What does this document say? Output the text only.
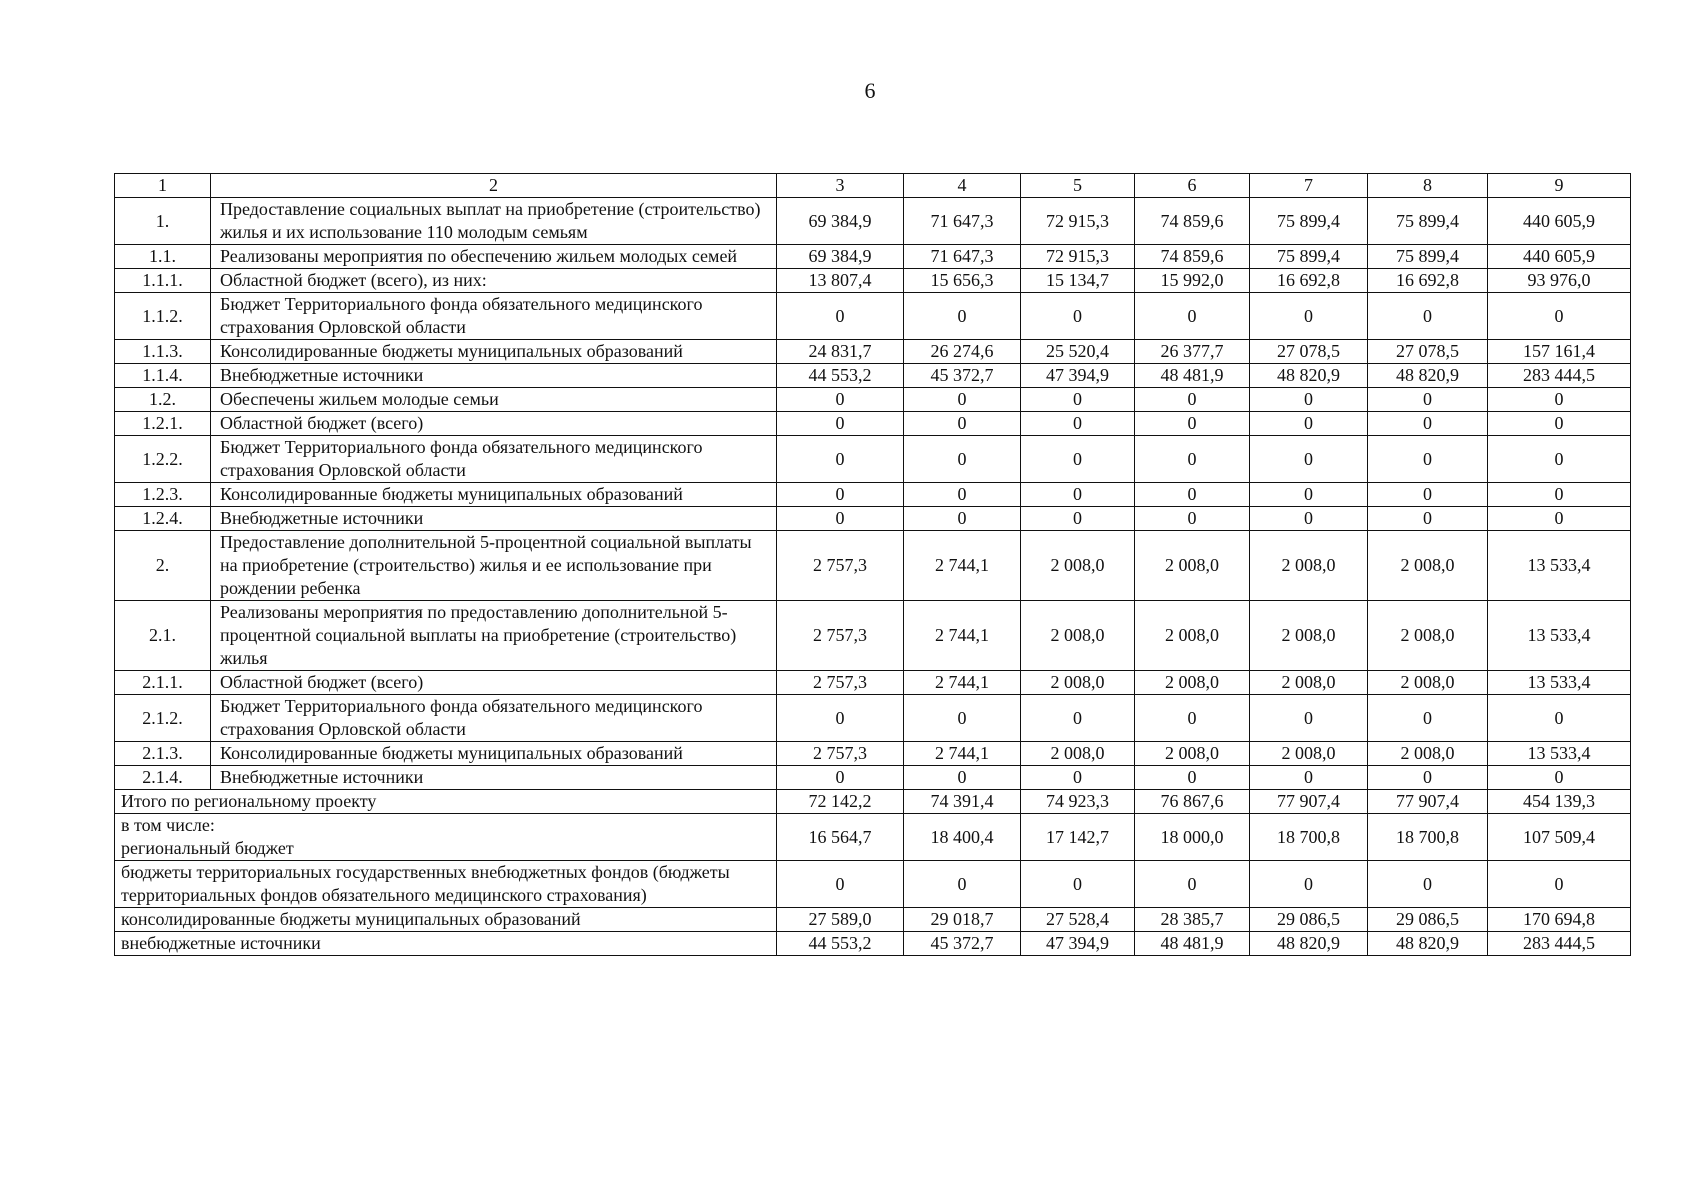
6
1	2	3	4	5	6	7	8	9
1.	Предоставление социальных выплат на приобретение (строительство) жилья и их использование 110 молодым семьям	69 384,9	71 647,3	72 915,3	74 859,6	75 899,4	75 899,4	440 605,9
1.1.	Реализованы мероприятия по обеспечению жильем молодых семей	69 384,9	71 647,3	72 915,3	74 859,6	75 899,4	75 899,4	440 605,9
1.1.1.	Областной бюджет (всего), из них:	13 807,4	15 656,3	15 134,7	15 992,0	16 692,8	16 692,8	93 976,0
1.1.2.	Бюджет Территориального фонда обязательного медицинского страхования Орловской области	0	0	0	0	0	0	0
1.1.3.	Консолидированные бюджеты муниципальных образований	24 831,7	26 274,6	25 520,4	26 377,7	27 078,5	27 078,5	157 161,4
1.1.4.	Внебюджетные источники	44 553,2	45 372,7	47 394,9	48 481,9	48 820,9	48 820,9	283 444,5
1.2.	Обеспечены жильем молодые семьи	0	0	0	0	0	0	0
1.2.1.	Областной бюджет (всего)	0	0	0	0	0	0	0
1.2.2.	Бюджет Территориального фонда обязательного медицинского страхования Орловской области	0	0	0	0	0	0	0
1.2.3.	Консолидированные бюджеты муниципальных образований	0	0	0	0	0	0	0
1.2.4.	Внебюджетные источники	0	0	0	0	0	0	0
2.	Предоставление дополнительной 5-процентной социальной выплаты на приобретение (строительство) жилья и ее использование при рождении ребенка	2 757,3	2 744,1	2 008,0	2 008,0	2 008,0	2 008,0	13 533,4
2.1.	Реализованы мероприятия по предоставлению дополнительной 5-процентной социальной выплаты на приобретение (строительство) жилья	2 757,3	2 744,1	2 008,0	2 008,0	2 008,0	2 008,0	13 533,4
2.1.1.	Областной бюджет (всего)	2 757,3	2 744,1	2 008,0	2 008,0	2 008,0	2 008,0	13 533,4
2.1.2.	Бюджет Территориального фонда обязательного медицинского страхования Орловской области	0	0	0	0	0	0	0
2.1.3.	Консолидированные бюджеты муниципальных образований	2 757,3	2 744,1	2 008,0	2 008,0	2 008,0	2 008,0	13 533,4
2.1.4.	Внебюджетные источники	0	0	0	0	0	0	0
Итого по региональному проекту		72 142,2	74 391,4	74 923,3	76 867,6	77 907,4	77 907,4	454 139,3
в том числе:
региональный бюджет		16 564,7	18 400,4	17 142,7	18 000,0	18 700,8	18 700,8	107 509,4
бюджеты территориальных государственных внебюджетных фондов (бюджеты территориальных фондов обязательного медицинского страхования)		0	0	0	0	0	0	0
консолидированные бюджеты муниципальных образований		27 589,0	29 018,7	27 528,4	28 385,7	29 086,5	29 086,5	170 694,8
внебюджетные источники		44 553,2	45 372,7	47 394,9	48 481,9	48 820,9	48 820,9	283 444,5
